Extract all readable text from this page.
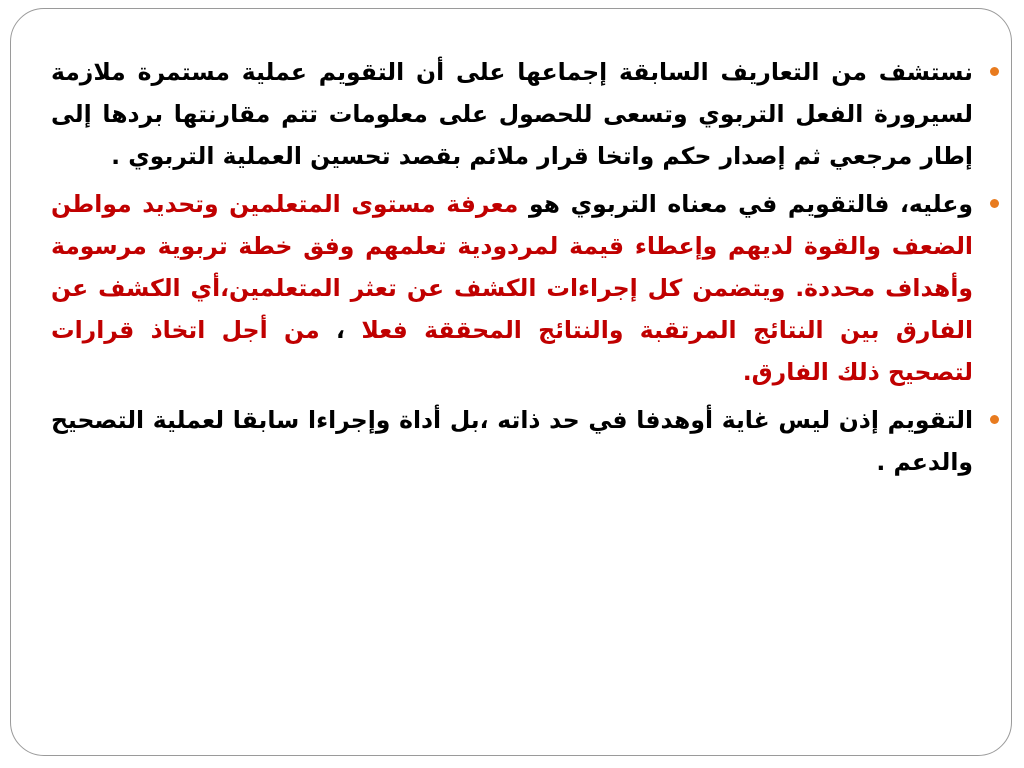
نستشف من التعاريف السابقة إجماعها على أن التقويم عملية مستمرة ملازمة لسيرورة الفعل التربوي وتسعى للحصول على معلومات تتم مقارنتها بردها إلى إطار مرجعي ثم إصدار حكم واتخا قرار ملائم بقصد تحسين العملية التربوي .

وعليه، فالتقويم في معناه التربوي هو معرفة مستوى المتعلمين وتحديد مواطن الضعف والقوة لديهم وإعطاء قيمة لمردودية تعلمهم وفق خطة تربوية مرسومة وأهداف محددة. ويتضمن كل إجراءات الكشف عن تعثر المتعلمين،أي الكشف عن الفارق بين النتائج المرتقبة والنتائج المحققة فعلا ، من أجل اتخاذ قرارات لتصحيح ذلك الفارق.

التقويم إذن ليس غاية أوهدفا في حد ذاته ،بل أداة وإجراءا سابقا لعملية التصحيح والدعم .
